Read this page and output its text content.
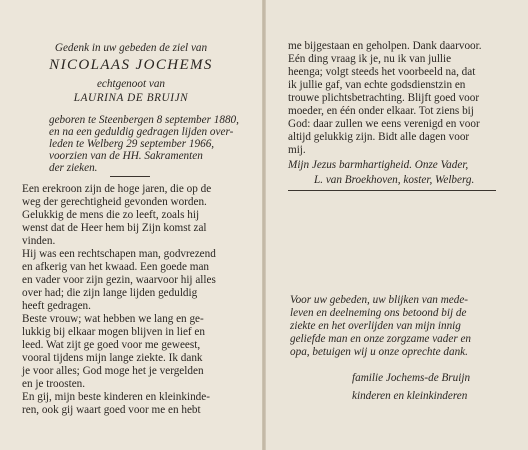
Gedenk in uw gebeden de ziel van

NICOLAAS JOCHEMS

echtgenoot van

LAURINA DE BRUIJN

geboren te Steenbergen 8 september 1880,

en na een geduldig gedragen lijden over-

leden te Welberg 29 september 1966,

voorzien van de HH. Sakramenten

der zieken.

Een erekroon zijn de hoge jaren, die op de

weg der gerechtigheid gevonden worden.

Gelukkig de mens die zo leeft, zoals hij

wenst dat de Heer hem bij Zijn komst zal

vinden.

Hij was een rechtschapen man, godvrezend

en afkerig van het kwaad. Een goede man

en vader voor zijn gezin, waarvoor hij alles

over had; die zijn lange lijden geduldig

heeft gedragen.

Beste vrouw; wat hebben we lang en ge-

lukkig bij elkaar mogen blijven in lief en

leed. Wat zijt ge goed voor me geweest,

vooral tijdens mijn lange ziekte. Ik dank

je voor alles; God moge het je vergelden

en je troosten.

En gij, mijn beste kinderen en kleinkinde-

ren, ook gij waart goed voor me en hebt

me bijgestaan en geholpen. Dank daarvoor.

Eén ding vraag ik je, nu ik van jullie

heenga; volgt steeds het voorbeeld na, dat

ik jullie gaf, van echte godsdienstzin en

trouwe plichtsbetrachting. Blijft goed voor

moeder, en één onder elkaar. Tot ziens bij

God: daar zullen we eens verenigd en voor

altijd gelukkig zijn. Bidt alle dagen voor

mij.

Mijn Jezus barmhartigheid. Onze Vader,

L. van Broekhoven, koster, Welberg.

Voor uw gebeden, uw blijken van mede-

leven en deelneming ons betoond bij de

ziekte en het overlijden van mijn innig

geliefde man en onze zorgzame vader en

opa, betuigen wij u onze oprechte dank.

familie Jochems-de Bruijn

kinderen en kleinkinderen
